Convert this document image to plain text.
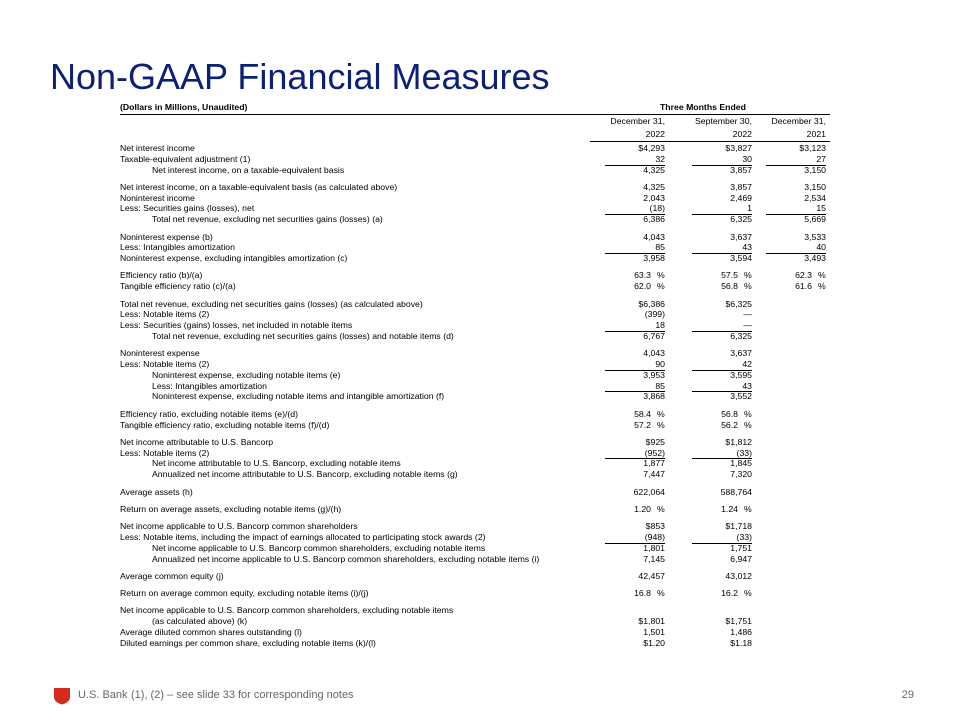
Non-GAAP Financial Measures
(Dollars in Millions, Unaudited)	Three Months Ended
December 31,	September 30, December 31,
2022	2022	2021
Net interest income	$4,293	$3,827	$3,123
Taxable-equivalent adjustment (1)	32	30	27
Net interest income, on a taxable-equivalent basis	4,325	3,857	3,150
Net interest income, on a taxable-equivalent basis (as calculated above)	4,325	3,857	3,150
Noninterest income	2,043	2,469	2,534
Less: Securities gains (losses), net	(18)	1	15
Total net revenue, excluding net securities gains (losses) (a)	6,386	6,325	5,669
Noninterest expense (b)	4,043	3,637	3,533
Less: Intangibles amortization	85	43	40
Noninterest expense, excluding intangibles amortization (c)	3,958	3,594	3,493
Efficiency ratio (b)/(a)	63.3 %	57.5 %	62.3 %
Tangible efficiency ratio (c)/(a)	62.0 %	56.8 %	61.6 %
Total net revenue, excluding net securities gains (losses) (as calculated above)	$6,386	$6,325
Less: Notable items (2)	(399)	—
Less: Securities (gains) losses, net included in notable items	18	—
Total net revenue, excluding net securities gains (losses) and notable items (d)	6,767	6,325
Noninterest expense	4,043	3,637
Less: Notable items (2)	90	42
Noninterest expense, excluding notable items (e)	3,953	3,595
Less: Intangibles amortization	85	43
Noninterest expense, excluding notable items and intangible amortization (f)	3,868	3,552
Efficiency ratio, excluding notable items (e)/(d)	58.4 %	56.8 %
Tangible efficiency ratio, excluding notable items (f)/(d)	57.2 %	56.2 %
Net income attributable to U.S. Bancorp	$925	$1,812
Less: Notable items (2)	(952)	(33)
Net income attributable to U.S. Bancorp, excluding notable items	1,877	1,845
Annualized net income attributable to U.S. Bancorp, excluding notable items (g)	7,447	7,320
Average assets (h)	622,064	588,764
Return on average assets, excluding notable items (g)/(h)	1.20 %	1.24 %
Net income applicable to U.S. Bancorp common shareholders	$853	$1,718
Less: Notable items, including the impact of earnings allocated to participating stock awards (2)	(948)	(33)
Net income applicable to U.S. Bancorp common shareholders, excluding notable items	1,801	1,751
Annualized net income applicable to U.S. Bancorp common shareholders, excluding notable items (i)	7,145	6,947
Average common equity (j)	42,457	43,012
Return on average common equity, excluding notable items (i)/(j)	16.8 %	16.2 %
Net income applicable to U.S. Bancorp common shareholders, excluding notable items
(as calculated above) (k)	$1,801	$1,751
Average diluted common shares outstanding (l)	1,501	1,486
Diluted earnings per common share, excluding notable items (k)/(l)	$1.20	$1.18
U.S. Bank (1), (2) – see slide 33 for corresponding notes	29
